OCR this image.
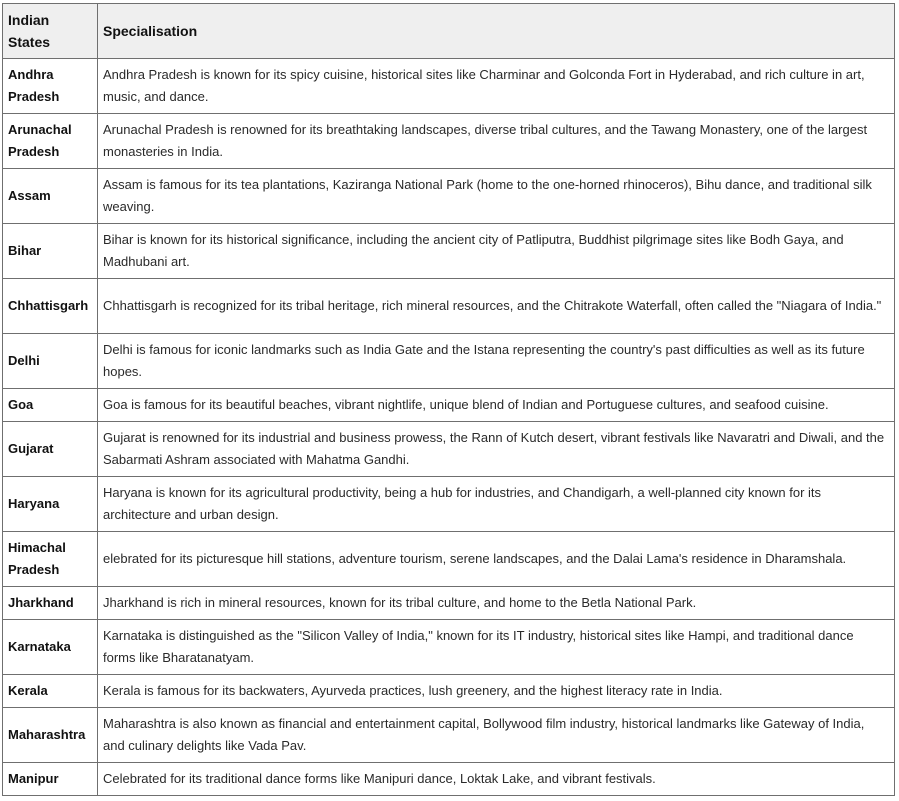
Indian States	Specialisation
Andhra Pradesh	Andhra Pradesh is known for its spicy cuisine, historical sites like Charminar and Golconda Fort in Hyderabad, and rich culture in art, music, and dance.
Arunachal Pradesh	Arunachal Pradesh is renowned for its breathtaking landscapes, diverse tribal cultures, and the Tawang Monastery, one of the largest monasteries in India.
Assam	Assam is famous for its tea plantations, Kaziranga National Park (home to the one-horned rhinoceros), Bihu dance, and traditional silk weaving.
Bihar	Bihar is known for its historical significance, including the ancient city of Patliputra, Buddhist pilgrimage sites like Bodh Gaya, and Madhubani art.
Chhattisgarh	Chhattisgarh is recognized for its tribal heritage, rich mineral resources, and the Chitrakote Waterfall, often called the "Niagara of India."
Delhi	Delhi is famous for iconic landmarks such as India Gate and the Istana representing the country's past difficulties as well as its future hopes.
Goa	Goa is famous for its beautiful beaches, vibrant nightlife, unique blend of Indian and Portuguese cultures, and seafood cuisine.
Gujarat	Gujarat is renowned for its industrial and business prowess, the Rann of Kutch desert, vibrant festivals like Navaratri and Diwali, and the Sabarmati Ashram associated with Mahatma Gandhi.
Haryana	Haryana is known for its agricultural productivity, being a hub for industries, and Chandigarh, a well-planned city known for its architecture and urban design.
Himachal Pradesh	elebrated for its picturesque hill stations, adventure tourism, serene landscapes, and the Dalai Lama's residence in Dharamshala.
Jharkhand	Jharkhand is rich in mineral resources, known for its tribal culture, and home to the Betla National Park.
Karnataka	Karnataka is distinguished as the "Silicon Valley of India," known for its IT industry, historical sites like Hampi, and traditional dance forms like Bharatanatyam.
Kerala	Kerala is famous for its backwaters, Ayurveda practices, lush greenery, and the highest literacy rate in India.
Maharashtra	Maharashtra is also known as financial and entertainment capital, Bollywood film industry, historical landmarks like Gateway of India, and culinary delights like Vada Pav.
Manipur	Celebrated for its traditional dance forms like Manipuri dance, Loktak Lake, and vibrant festivals.
